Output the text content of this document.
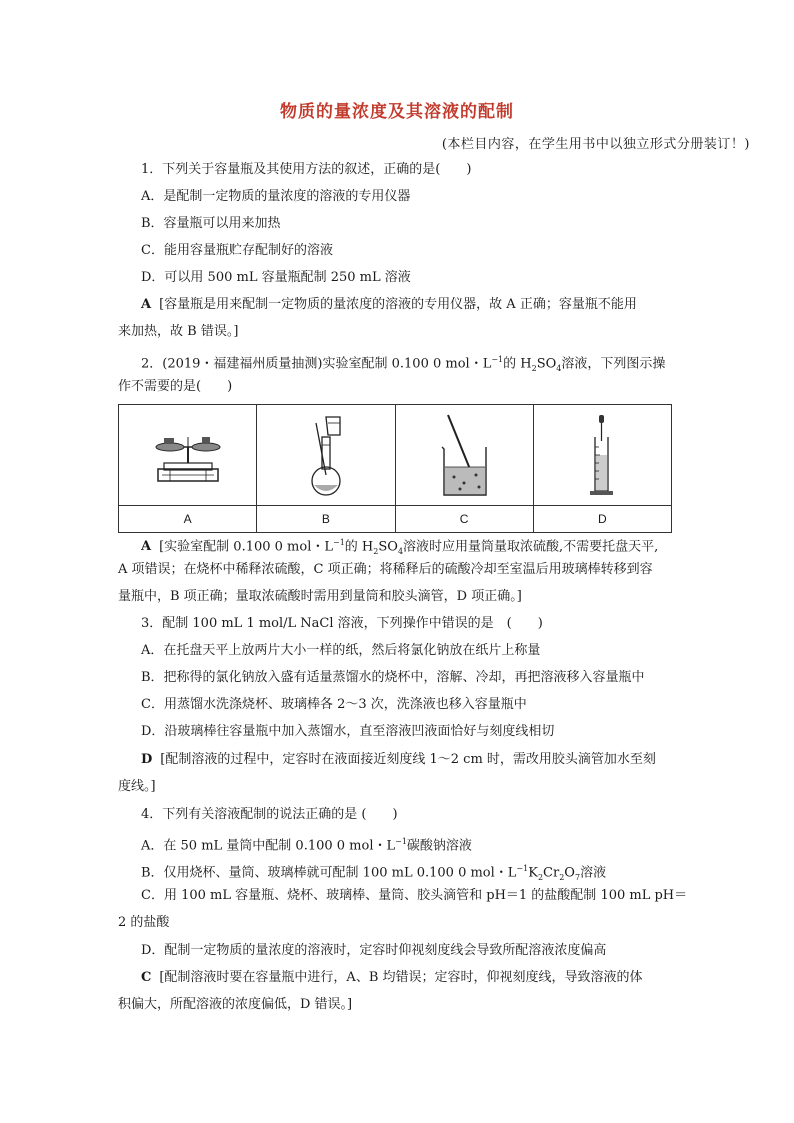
物质的量浓度及其溶液的配制
(本栏目内容，在学生用书中以独立形式分册装订！)
1．下列关于容量瓶及其使用方法的叙述，正确的是(　　)
A．是配制一定物质的量浓度的溶液的专用仪器
B．容量瓶可以用来加热
C．能用容量瓶贮存配制好的溶液
D．可以用 500 mL 容量瓶配制 250 mL 溶液
A [容量瓶是用来配制一定物质的量浓度的溶液的专用仪器，故 A 正确；容量瓶不能用
来加热，故 B 错误。]
2．(2019・福建福州质量抽测)实验室配制 0.100 0 mol・$L^{-1}$的 $H_2SO_4$溶液，下列图示操
作不需要的是(　　)

A	B	C	D
A [实验室配制 0.100 0 mol・$L^{-1}$的 $H_2SO_4$溶液时应用量筒量取浓硫酸,不需要托盘天平,
A 项错误；在烧杯中稀释浓硫酸，C 项正确；将稀释后的硫酸冷却至室温后用玻璃棒转移到容
量瓶中，B 项正确；量取浓硫酸时需用到量筒和胶头滴管，D 项正确。]
3．配制 100 mL 1 mol/L NaCl 溶液，下列操作中错误的是　(　　)
A．在托盘天平上放两片大小一样的纸，然后将氯化钠放在纸片上称量
B．把称得的氯化钠放入盛有适量蒸馏水的烧杯中，溶解、冷却，再把溶液移入容量瓶中
C．用蒸馏水洗涤烧杯、玻璃棒各 2～3 次，洗涤液也移入容量瓶中
D．沿玻璃棒往容量瓶中加入蒸馏水，直至溶液凹液面恰好与刻度线相切
D [配制溶液的过程中，定容时在液面接近刻度线 1～2 cm 时，需改用胶头滴管加水至刻
度线。]
4．下列有关溶液配制的说法正确的是 (　　)
A．在 50 mL 量筒中配制 0.100 0 mol・$L^{-1}$碳酸钠溶液
B．仅用烧杯、量筒、玻璃棒就可配制 100 mL 0.100 0 mol・$L^{-1}K_2Cr_2O_7$溶液
C．用 100 mL 容量瓶、烧杯、玻璃棒、量筒、胶头滴管和 pH＝1 的盐酸配制 100 mL pH＝
2 的盐酸
D．配制一定物质的量浓度的溶液时，定容时仰视刻度线会导致所配溶液浓度偏高
C [配制溶液时要在容量瓶中进行，A、B 均错误；定容时，仰视刻度线，导致溶液的体
积偏大，所配溶液的浓度偏低，D 错误。]
